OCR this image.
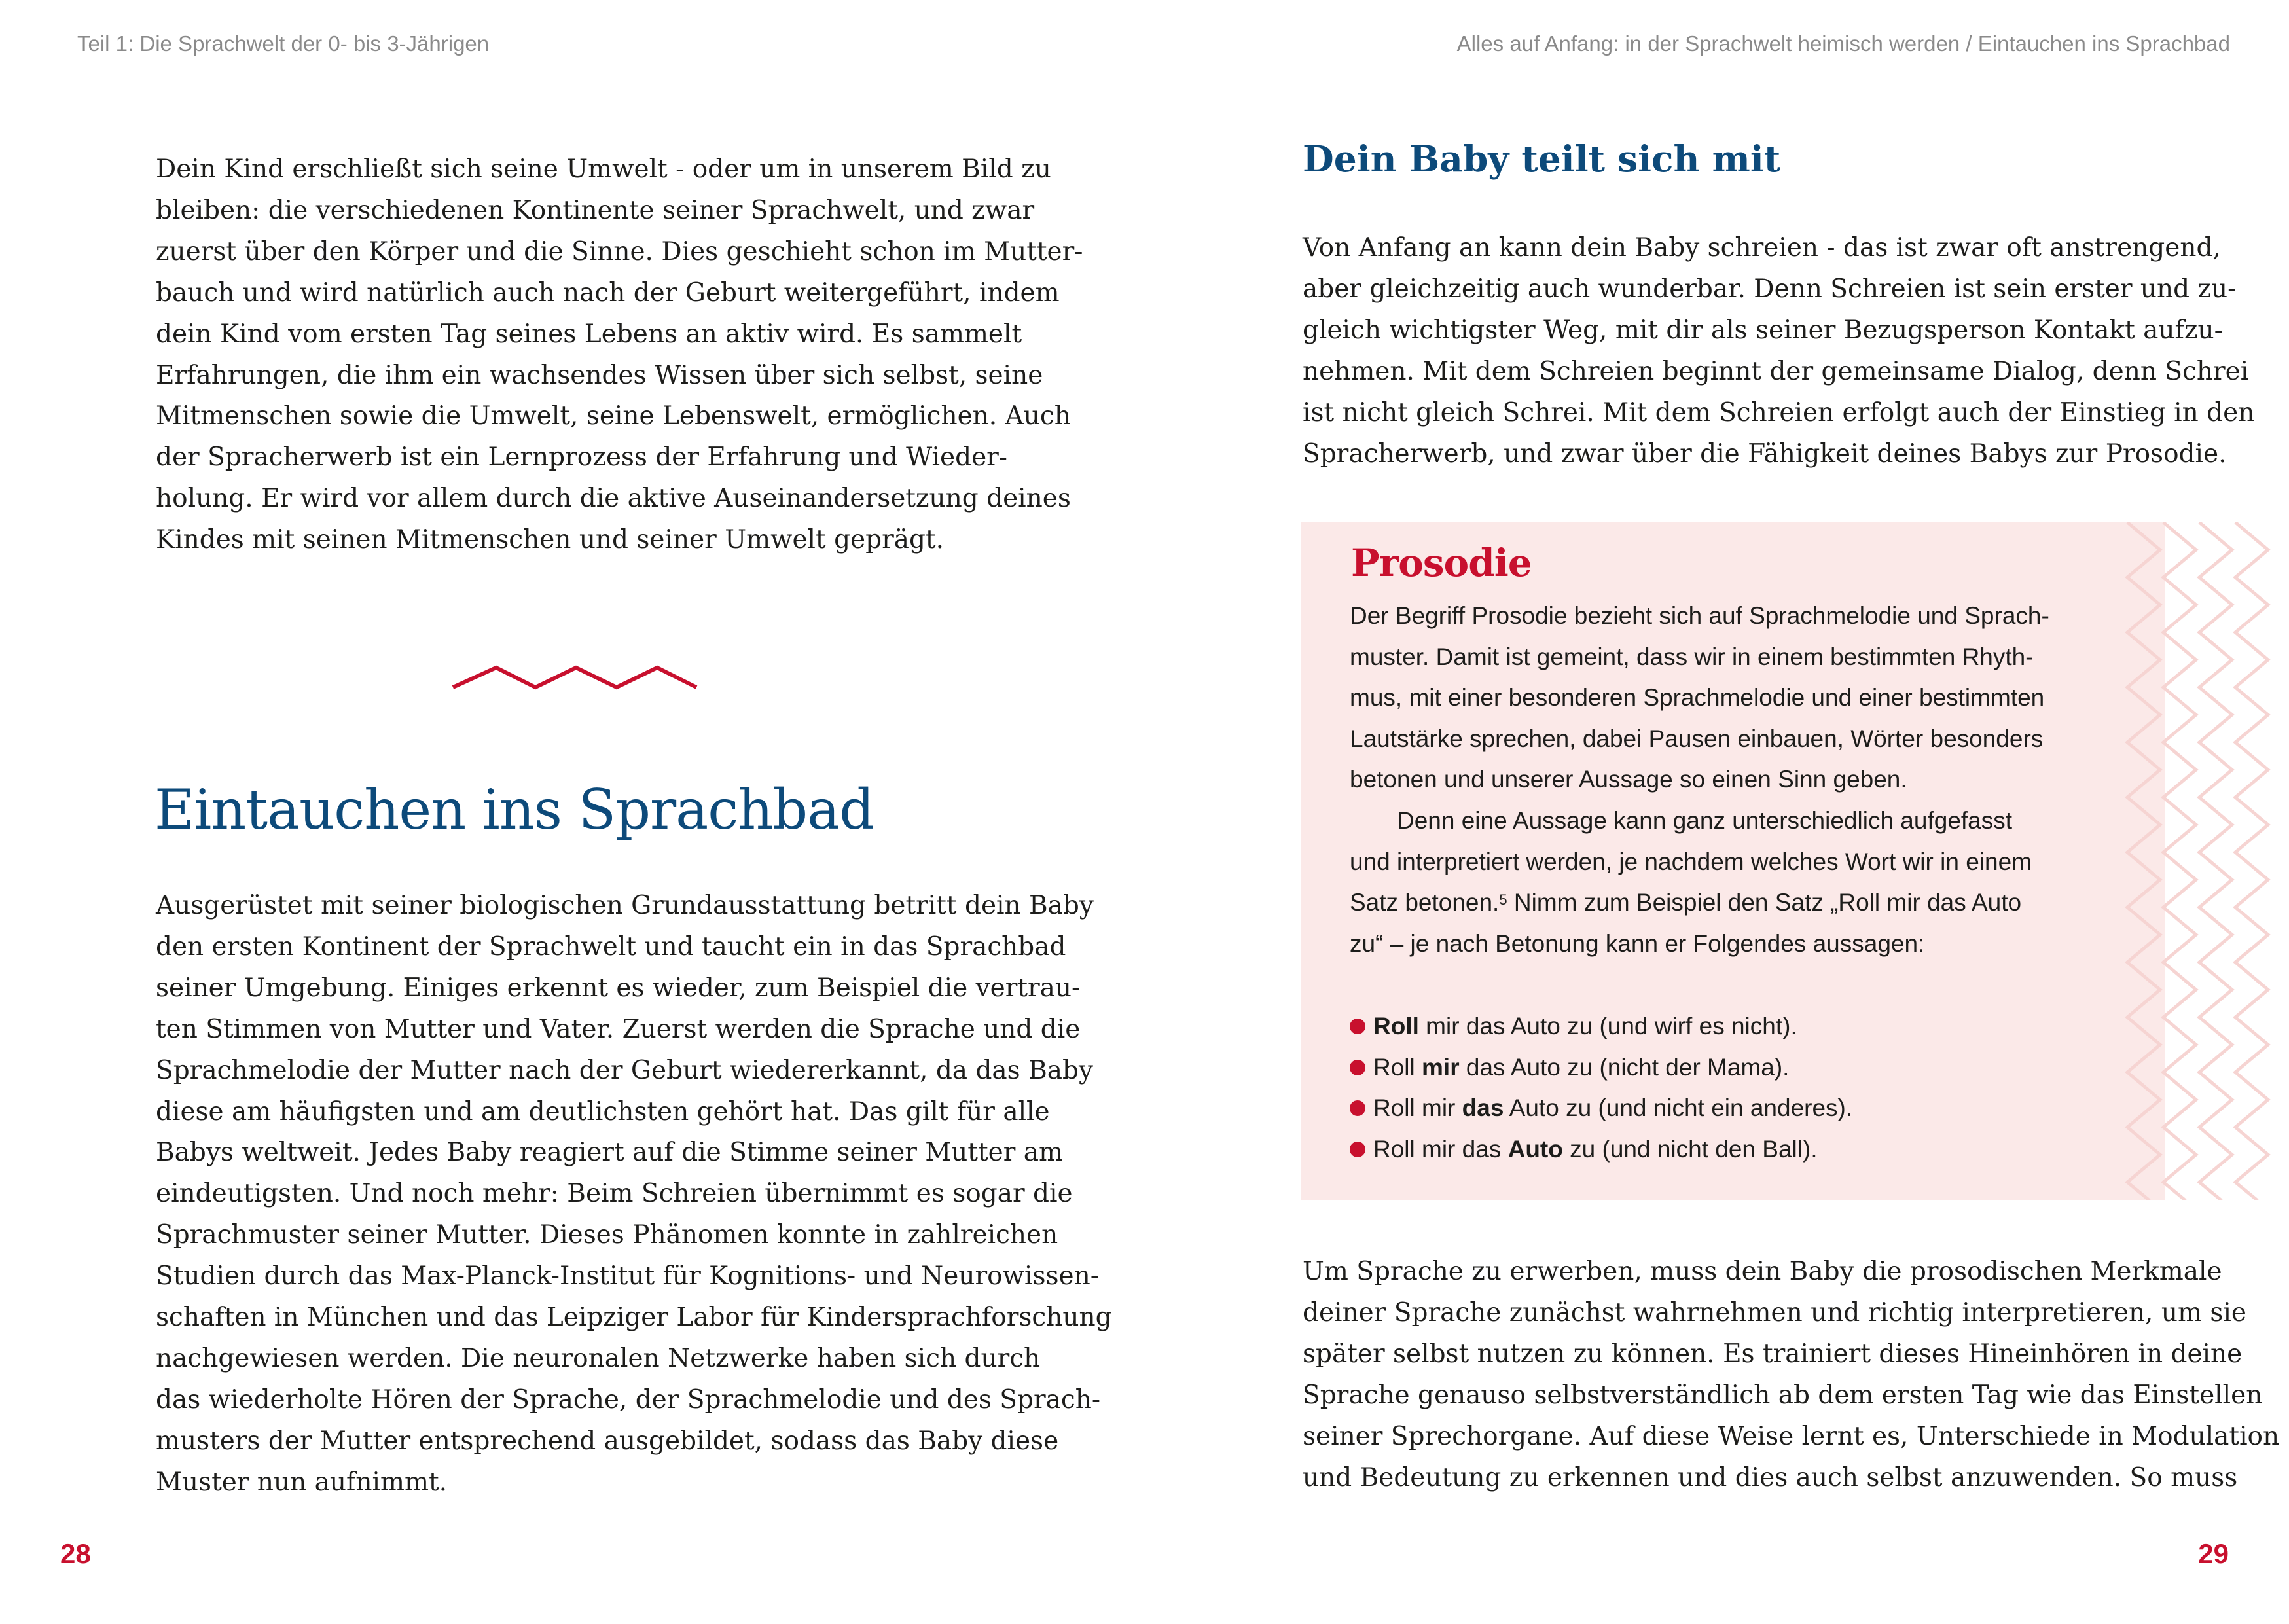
Teil 1: Die Sprachwelt der 0- bis 3-Jährigen	Alles auf Anfang: in der Sprachwelt heimisch werden / Eintauchen ins Sprachbad

Dein Kind erschließt sich seine Umwelt - oder um in unserem Bild zu

bleiben: die verschiedenen Kontinente seiner Sprachwelt, und zwar

zuerst über den Körper und die Sinne. Dies geschieht schon im Mutter-

bauch und wird natürlich auch nach der Geburt weitergeführt, indem

dein Kind vom ersten Tag seines Lebens an aktiv wird. Es sammelt

Erfahrungen, die ihm ein wachsendes Wissen über sich selbst, seine

Mitmenschen sowie die Umwelt, seine Lebenswelt, ermöglichen. Auch

der Spracherwerb ist ein Lernprozess der Erfahrung und Wieder-

holung. Er wird vor allem durch die aktive Auseinandersetzung deines

Kindes mit seinen Mitmenschen und seiner Umwelt geprägt.

Eintauchen ins Sprachbad

Ausgerüstet mit seiner biologischen Grundausstattung betritt dein Baby

den ersten Kontinent der Sprachwelt und taucht ein in das Sprachbad

seiner Umgebung. Einiges erkennt es wieder, zum Beispiel die vertrau-

ten Stimmen von Mutter und Vater. Zuerst werden die Sprache und die

Sprachmelodie der Mutter nach der Geburt wiedererkannt, da das Baby

diese am häufigsten und am deutlichsten gehört hat. Das gilt für alle

Babys weltweit. Jedes Baby reagiert auf die Stimme seiner Mutter am

eindeutigsten. Und noch mehr: Beim Schreien übernimmt es sogar die

Sprachmuster seiner Mutter. Dieses Phänomen konnte in zahlreichen

Studien durch das Max-Planck-Institut für Kognitions- und Neurowissen-

schaften in München und das Leipziger Labor für Kindersprachforschung

nachgewiesen werden. Die neuronalen Netzwerke haben sich durch

das wiederholte Hören der Sprache, der Sprachmelodie und des Sprach-

musters der Mutter entsprechend ausgebildet, sodass das Baby diese

Muster nun aufnimmt.

28
Dein Baby teilt sich mit

Von Anfang an kann dein Baby schreien - das ist zwar oft anstrengend,

aber gleichzeitig auch wunderbar. Denn Schreien ist sein erster und zu-

gleich wichtigster Weg, mit dir als seiner Bezugsperson Kontakt aufzu-

nehmen. Mit dem Schreien beginnt der gemeinsame Dialog, denn Schrei

ist nicht gleich Schrei. Mit dem Schreien erfolgt auch der Einstieg in den

Spracherwerb, und zwar über die Fähigkeit deines Babys zur Prosodie.

Prosodie

Der Begriff Prosodie bezieht sich auf Sprachmelodie und Sprach-

muster. Damit ist gemeint, dass wir in einem bestimmten Rhyth-

mus, mit einer besonderen Sprachmelodie und einer bestimmten

Lautstärke sprechen, dabei Pausen einbauen, Wörter besonders

betonen und unserer Aussage so einen Sinn geben.

Denn eine Aussage kann ganz unterschiedlich aufgefasst

und interpretiert werden, je nachdem welches Wort wir in einem

Satz betonen.$^5$ Nimm zum Beispiel den Satz „Roll mir das Auto

zu“ – je nach Betonung kann er Folgendes aussagen:

Roll mir das Auto zu (und wirf es nicht).
Roll mir das Auto zu (nicht der Mama).
Roll mir das Auto zu (und nicht ein anderes).
Roll mir das Auto zu (und nicht den Ball).

Um Sprache zu erwerben, muss dein Baby die prosodischen Merkmale

deiner Sprache zunächst wahrnehmen und richtig interpretieren, um sie

später selbst nutzen zu können. Es trainiert dieses Hineinhören in deine

Sprache genauso selbstverständlich ab dem ersten Tag wie das Einstellen

seiner Sprechorgane. Auf diese Weise lernt es, Unterschiede in Modulation

und Bedeutung zu erkennen und dies auch selbst anzuwenden. So muss

29
